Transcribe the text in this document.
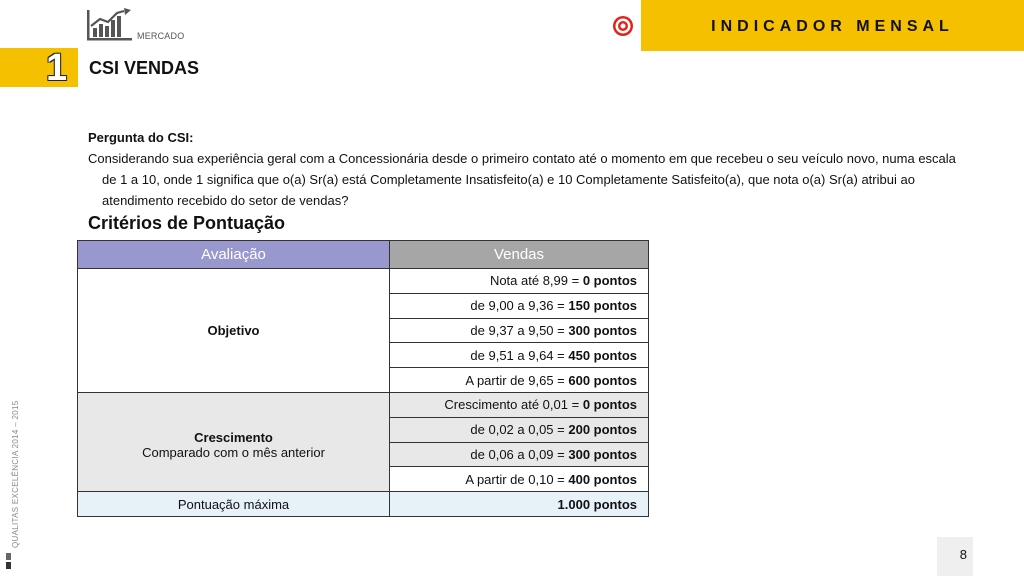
MERCADO
INDICADOR MENSAL
1 CSI VENDAS
Pergunta do CSI:
Considerando sua experiência geral com a Concessionária desde o primeiro contato até o momento em que recebeu o seu veículo novo, numa escala de 1 a 10, onde 1 significa que o(a) Sr(a) está Completamente Insatisfeito(a) e 10 Completamente Satisfeito(a), que nota o(a) Sr(a) atribui ao atendimento recebido do setor de vendas?
Critérios de Pontuação
Avaliação	Vendas
Objetivo	Nota até 8,99 = 0 pontos
	de 9,00 a 9,36 = 150 pontos
	de 9,37 a 9,50 = 300 pontos
	de 9,51 a 9,64 = 450 pontos
	A partir de 9,65 = 600 pontos

Crescimento
Comparado com o mês anterior	Crescimento até 0,01 = 0 pontos
	de 0,02 a 0,05 = 200 pontos
	de 0,06 a 0,09 = 300 pontos
	A partir de 0,10 = 400 pontos
Pontuação máxima	1.000 pontos
QUALITAS EXCELÊNCIA 2014 – 2015
8
